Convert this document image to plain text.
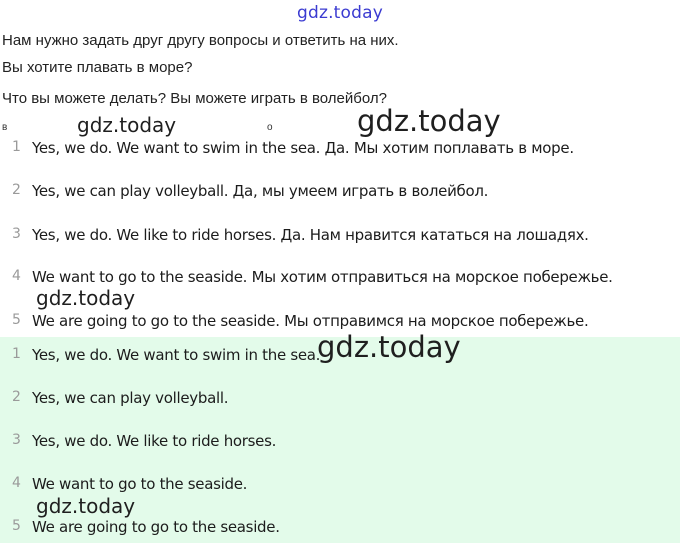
gdz.today
Нам нужно задать друг другу вопросы и ответить на них.
Вы хотите плавать в море?
Что вы можете делать? Вы можете играть в волейбол?
в	о
gdz.today	gdz.today
1 Yes, we do. We want to swim in the sea. Да. Мы хотим поплавать в море.
2 Yes, we can play volleyball. Да, мы умеем играть в волейбол.
3 Yes, we do. We like to ride horses. Да. Нам нравится кататься на лошадях.
4 We want to go to the seaside. Мы хотим отправиться на морское побережье.
5 We are going to go to the seaside. Мы отправимся на морское побережье.
gdz.today
1 Yes, we do. We want to swim in the sea.
2 Yes, we can play volleyball.
3 Yes, we do. We like to ride horses.
4 We want to go to the seaside.
5 We are going to go to the seaside.
gdz.today
gdz.today
